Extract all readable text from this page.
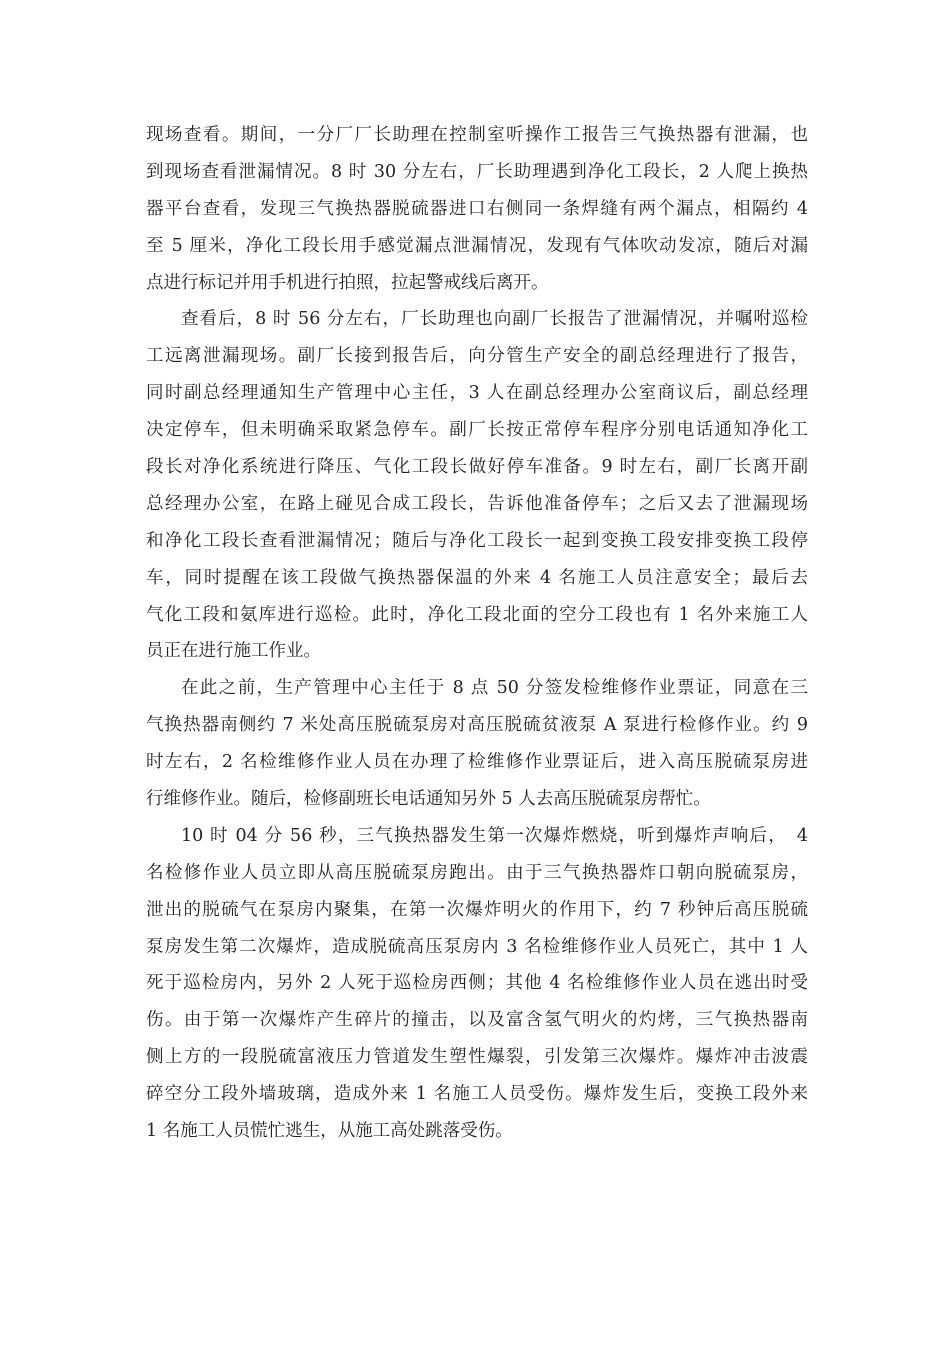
现场查看。期间，一分厂厂长助理在控制室听操作工报告三气换热器有泄漏，也
到现场查看泄漏情况。8 时 30 分左右，厂长助理遇到净化工段长，2 人爬上换热
器平台查看，发现三气换热器脱硫器进口右侧同一条焊缝有两个漏点，相隔约 4
至 5 厘米，净化工段长用手感觉漏点泄漏情况，发现有气体吹动发凉，随后对漏
点进行标记并用手机进行拍照，拉起警戒线后离开。
查看后，8 时 56 分左右，厂长助理也向副厂长报告了泄漏情况，并嘱咐巡检
工远离泄漏现场。副厂长接到报告后，向分管生产安全的副总经理进行了报告，
同时副总经理通知生产管理中心主任，3 人在副总经理办公室商议后，副总经理
决定停车，但未明确采取紧急停车。副厂长按正常停车程序分别电话通知净化工
段长对净化系统进行降压、气化工段长做好停车准备。9 时左右，副厂长离开副
总经理办公室，在路上碰见合成工段长，告诉他准备停车；之后又去了泄漏现场
和净化工段长查看泄漏情况；随后与净化工段长一起到变换工段安排变换工段停
车，同时提醒在该工段做气换热器保温的外来 4 名施工人员注意安全；最后去
气化工段和氨库进行巡检。此时，净化工段北面的空分工段也有 1 名外来施工人
员正在进行施工作业。
在此之前，生产管理中心主任于 8 点 50 分签发检维修作业票证，同意在三
气换热器南侧约 7 米处高压脱硫泵房对高压脱硫贫液泵 A 泵进行检修作业。约 9
时左右，2 名检维修作业人员在办理了检维修作业票证后，进入高压脱硫泵房进
行维修作业。随后，检修副班长电话通知另外 5 人去高压脱硫泵房帮忙。
10 时 04 分 56 秒，三气换热器发生第一次爆炸燃烧，听到爆炸声响后，　4
名检修作业人员立即从高压脱硫泵房跑出。由于三气换热器炸口朝向脱硫泵房，
泄出的脱硫气在泵房内聚集，在第一次爆炸明火的作用下，约 7 秒钟后高压脱硫
泵房发生第二次爆炸，造成脱硫高压泵房内 3 名检维修作业人员死亡，其中 1 人
死于巡检房内，另外 2 人死于巡检房西侧；其他 4 名检维修作业人员在逃出时受
伤。由于第一次爆炸产生碎片的撞击，以及富含氢气明火的灼烤，三气换热器南
侧上方的一段脱硫富液压力管道发生塑性爆裂，引发第三次爆炸。爆炸冲击波震
碎空分工段外墙玻璃，造成外来 1 名施工人员受伤。爆炸发生后，变换工段外来
1 名施工人员慌忙逃生，从施工高处跳落受伤。
